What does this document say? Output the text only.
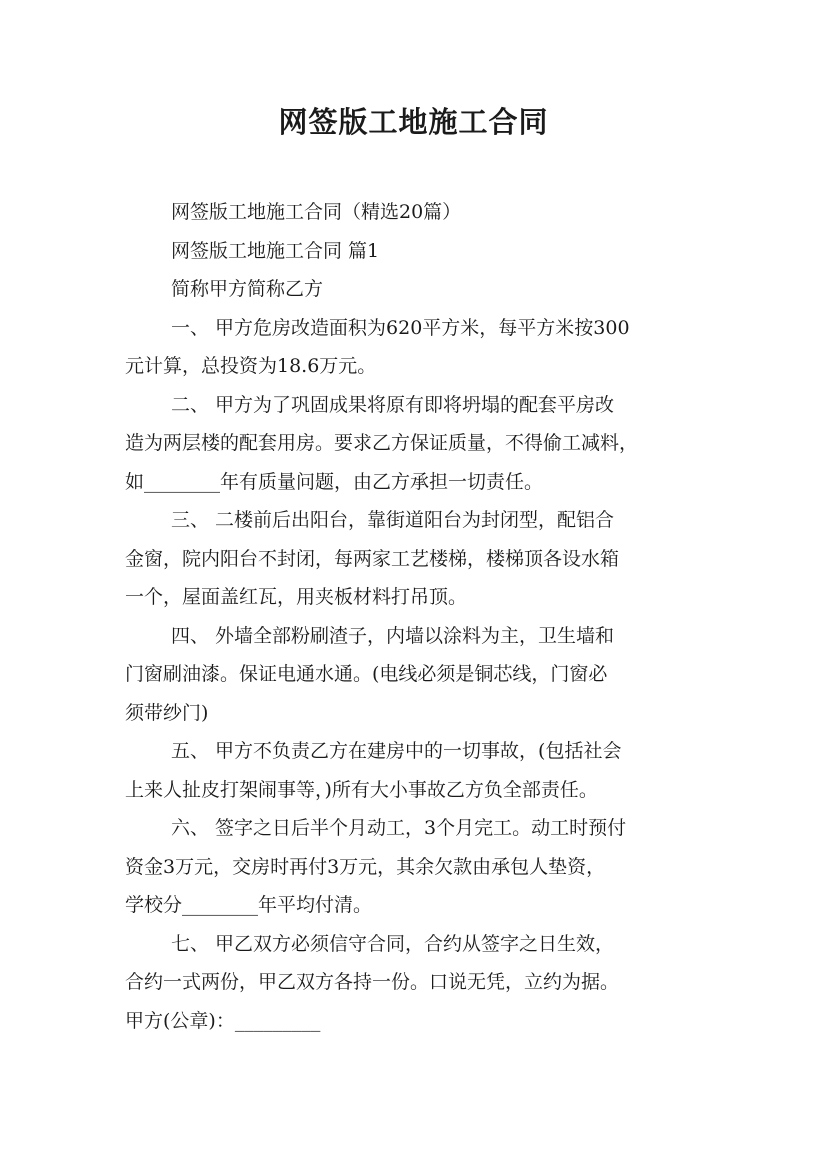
网签版工地施工合同
网签版工地施工合同（精选20篇）
网签版工地施工合同 篇1
简称甲方简称乙方
一、 甲方危房改造面积为620平方米，每平方米按300
元计算，总投资为18.6万元。
二、 甲方为了巩固成果将原有即将坍塌的配套平房改
造为两层楼的配套用房。要求乙方保证质量，不得偷工减料，
如________年有质量问题，由乙方承担一切责任。
三、 二楼前后出阳台，靠街道阳台为封闭型，配铝合
金窗，院内阳台不封闭，每两家工艺楼梯，楼梯顶各设水箱
一个，屋面盖红瓦，用夹板材料打吊顶。
四、 外墙全部粉刷渣子，内墙以涂料为主，卫生墙和
门窗刷油漆。保证电通水通。(电线必须是铜芯线，门窗必
须带纱门)
五、 甲方不负责乙方在建房中的一切事故，(包括社会
上来人扯皮打架闹事等，)所有大小事故乙方负全部责任。
六、 签字之日后半个月动工，3个月完工。动工时预付
资金3万元，交房时再付3万元，其余欠款由承包人垫资，
学校分________年平均付清。
七、 甲乙双方必须信守合同，合约从签字之日生效，
合约一式两份，甲乙双方各持一份。口说无凭，立约为据。
甲方(公章)：_________
